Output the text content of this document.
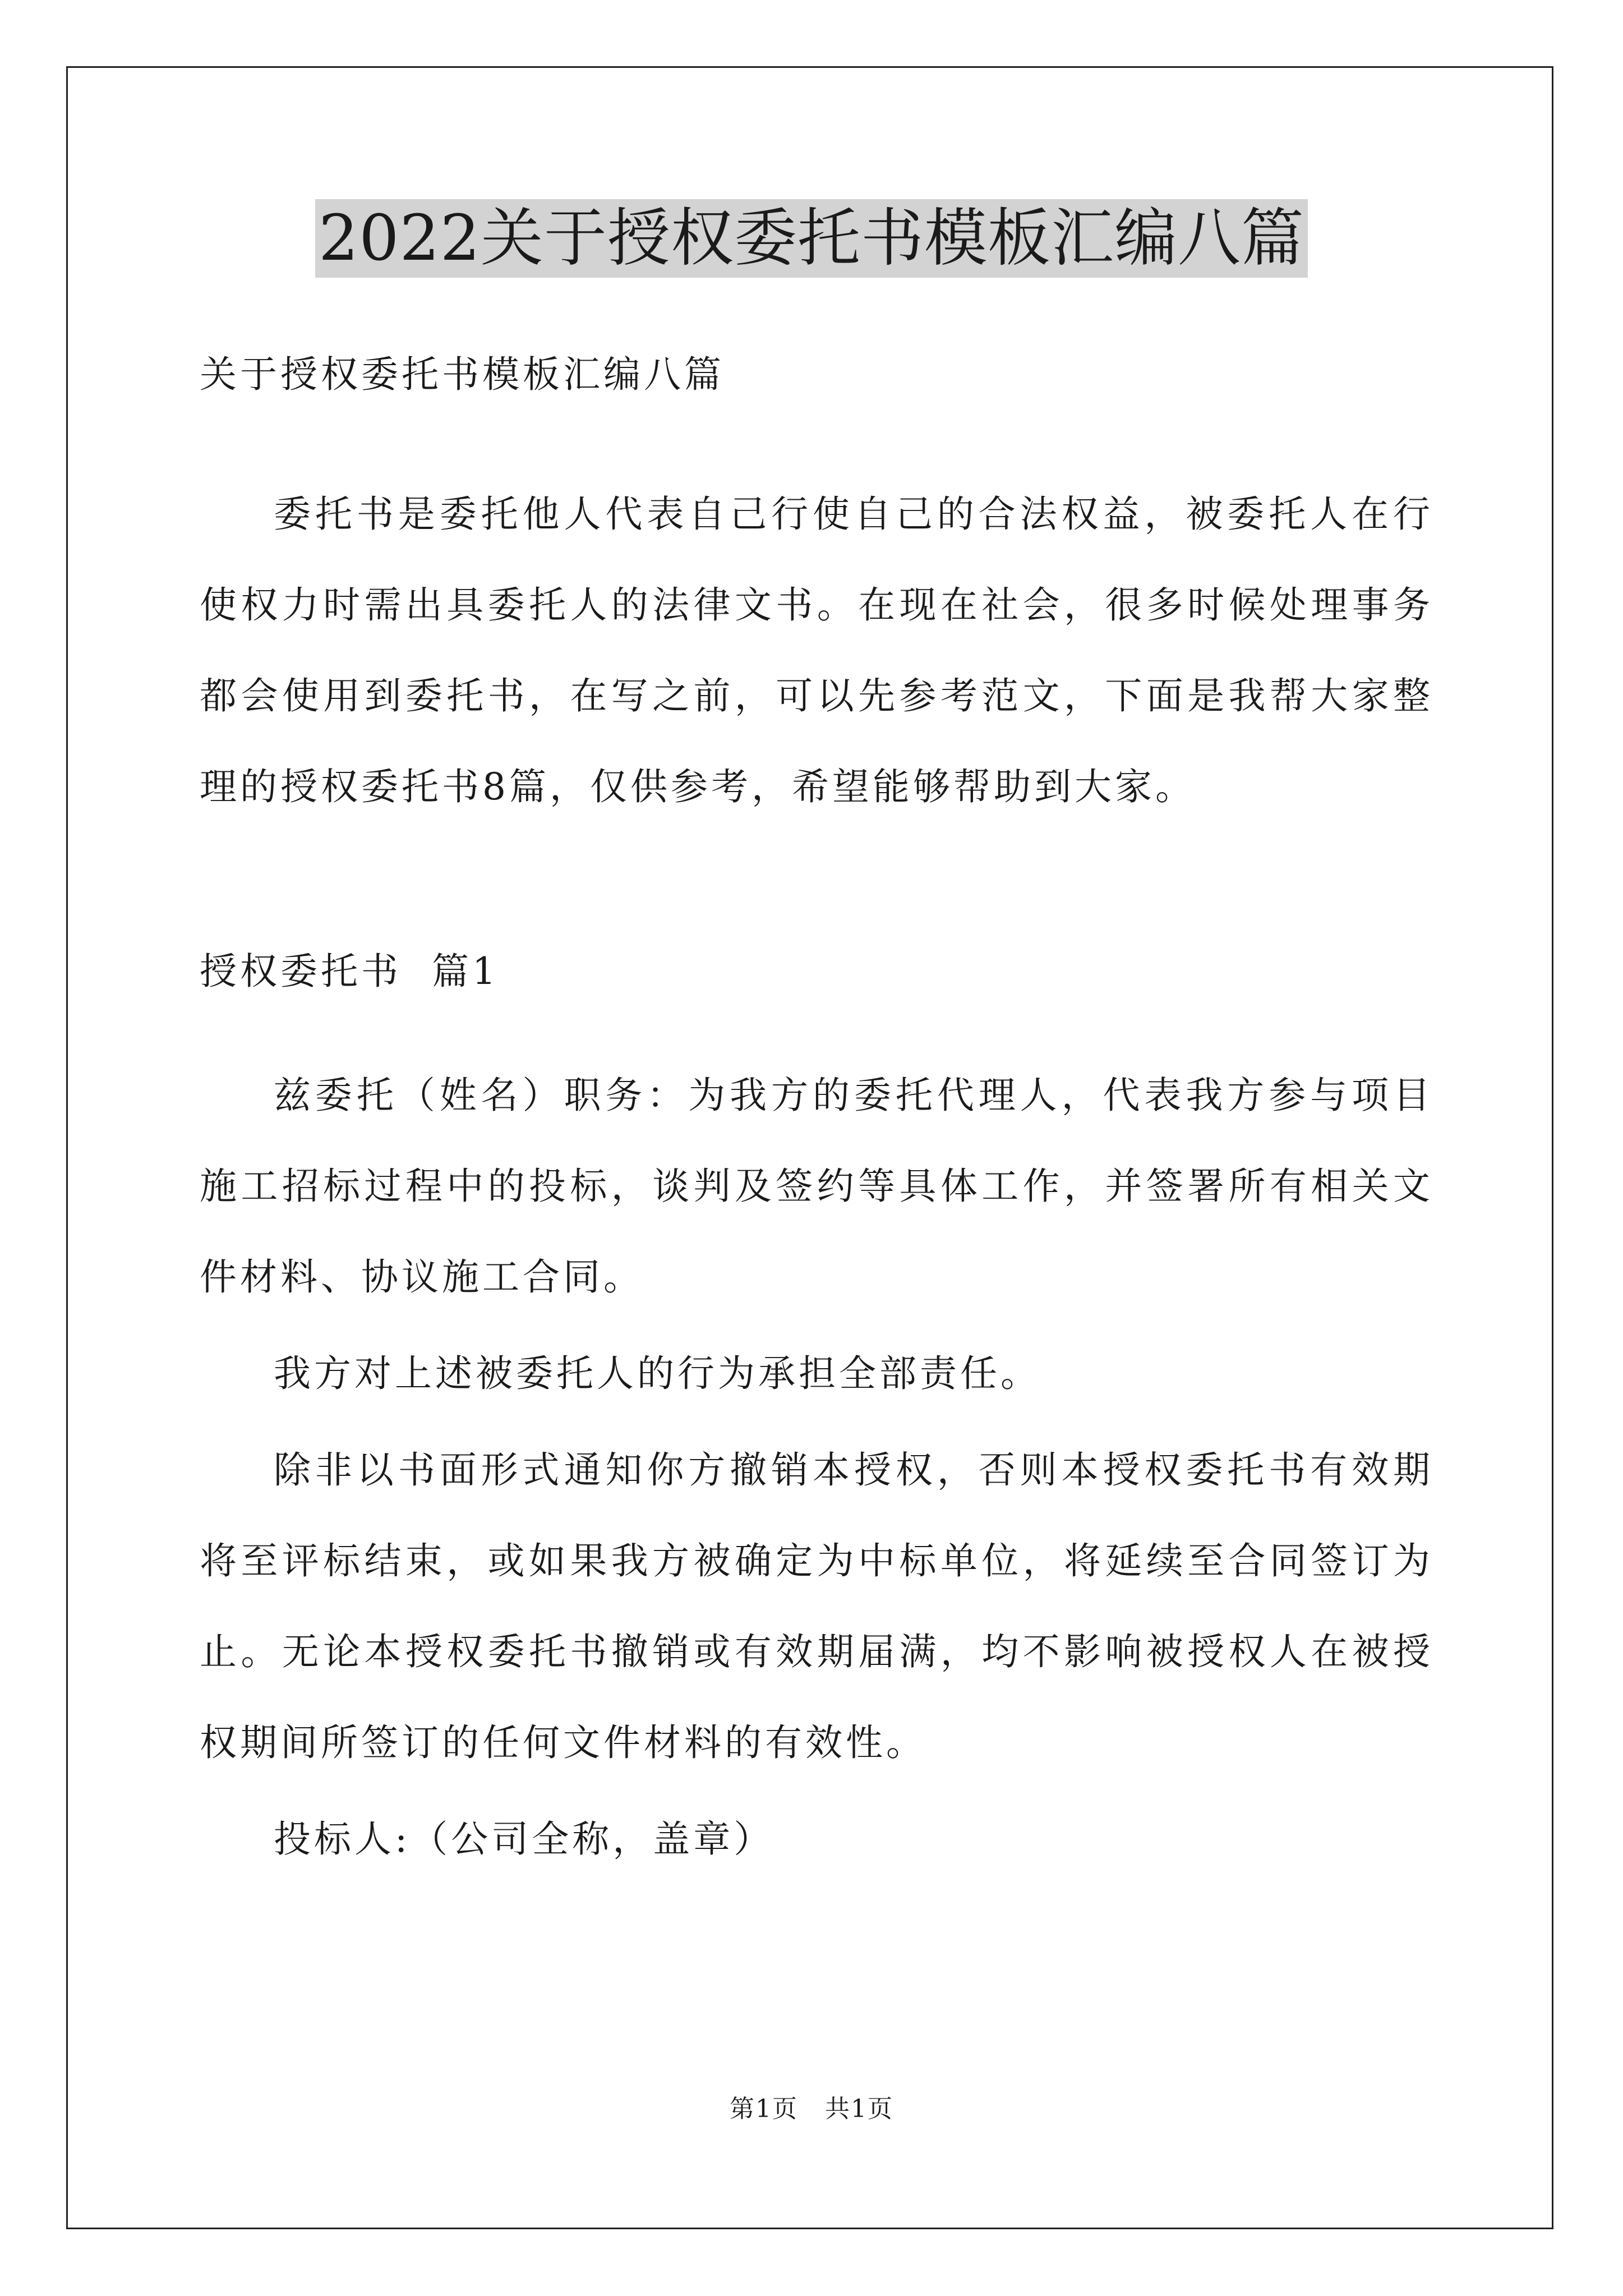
2022关于授权委托书模板汇编八篇
关于授权委托书模板汇编八篇

委托书是委托他人代表自己行使自己的合法权益，被委托人在行使权力时需出具委托人的法律文书。在现在社会，很多时候处理事务都会使用到委托书，在写之前，可以先参考范文，下面是我帮大家整理的授权委托书8篇，仅供参考，希望能够帮助到大家。

授权委托书  篇1

兹委托（姓名）职务：为我方的委托代理人，代表我方参与项目施工招标过程中的投标，谈判及签约等具体工作，并签署所有相关文件材料、协议施工合同。

我方对上述被委托人的行为承担全部责任。

除非以书面形式通知你方撤销本授权，否则本授权委托书有效期将至评标结束，或如果我方被确定为中标单位，将延续至合同签订为止。无论本授权委托书撤销或有效期届满，均不影响被授权人在被授权期间所签订的任何文件材料的有效性。

投标人:（公司全称，盖章）

第1页   共1页
